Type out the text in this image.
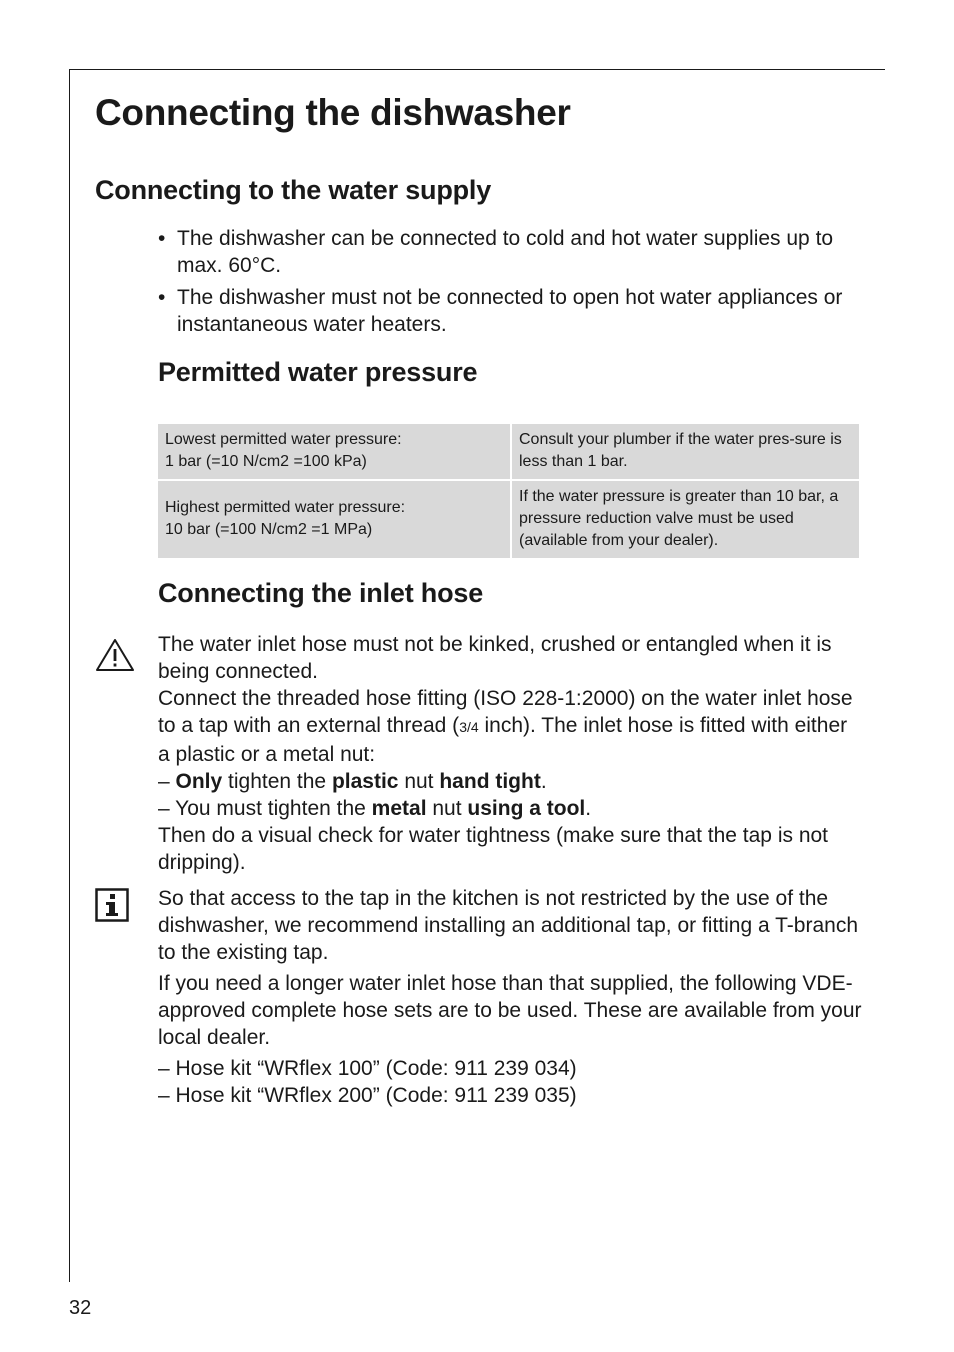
Connecting the dishwasher
Connecting to the water supply
• The dishwasher can be connected to cold and hot water supplies up to max. 60°C.
• The dishwasher must not be connected to open hot water appliances or instantaneous water heaters.
Permitted water pressure
Lowest permitted water pressure:
1 bar (=10 N/cm2 =100 kPa)	Consult your plumber if the water pres-sure is less than 1 bar.

Highest permitted water pressure:
10 bar (=100 N/cm2 =1 MPa)	If the water pressure is greater than 10 bar, a pressure reduction valve must be used (available from your dealer).
Connecting the inlet hose

The water inlet hose must not be kinked, crushed or entangled when it is being connected.

Connect the threaded hose fitting (ISO 228-1:2000) on the water inlet hose to a tap with an external thread (3/4 inch). The inlet hose is fitted with either a plastic or a metal nut:

– Only tighten the plastic nut hand tight.

– You must tighten the metal nut using a tool.

Then do a visual check for water tightness (make sure that the tap is not dripping).

So that access to the tap in the kitchen is not restricted by the use of the dishwasher, we recommend installing an additional tap, or fitting a T-branch to the existing tap.

If you need a longer water inlet hose than that supplied, the following VDE-approved complete hose sets are to be used. These are available from your local dealer.

– Hose kit “WRflex 100” (Code: 911 239 034)

– Hose kit “WRflex 200” (Code: 911 239 035)

32
